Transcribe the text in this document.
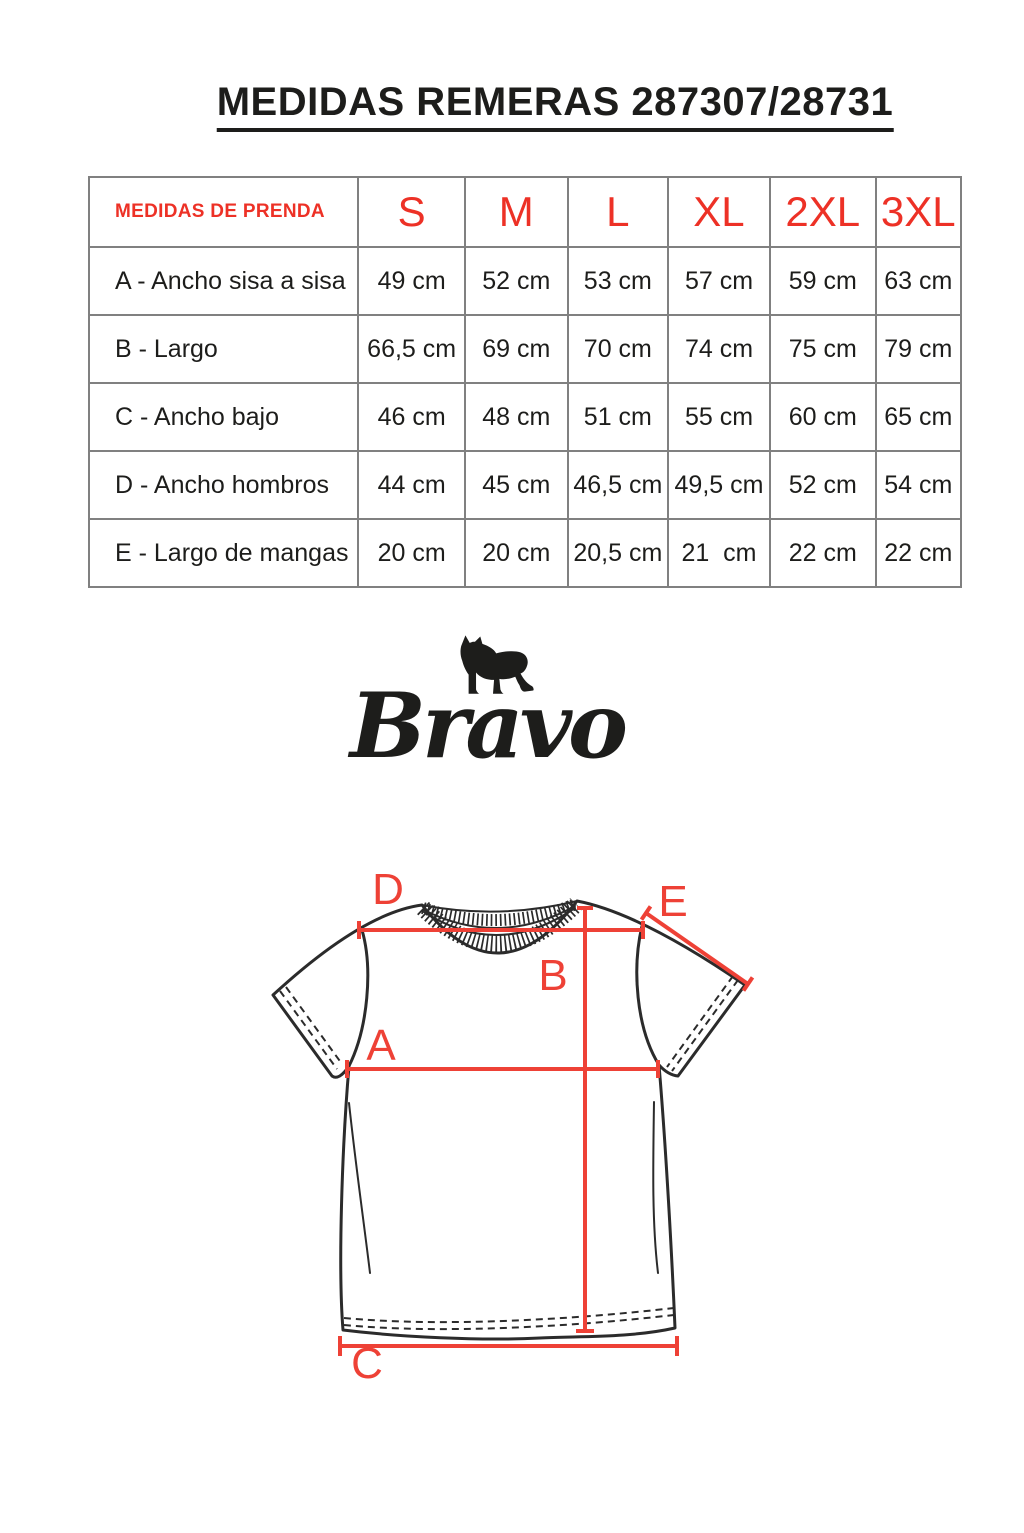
MEDIDAS REMERAS 287307/28731
MEDIDAS DE PRENDA	S	M	L	XL	2XL	3XL
A - Ancho sisa a sisa	49 cm	52 cm	53 cm	57 cm	59 cm	63 cm
B - Largo	66,5 cm	69 cm	70 cm	74 cm	75 cm	79 cm
C - Ancho bajo	46 cm	48 cm	51 cm	55 cm	60 cm	65 cm
D - Ancho hombros	44 cm	45 cm	46,5 cm	49,5 cm	52 cm	54 cm
E - Largo de mangas	20 cm	20 cm	20,5 cm	21  cm	22 cm	22 cm
Bravo
D	E
B
A
C
